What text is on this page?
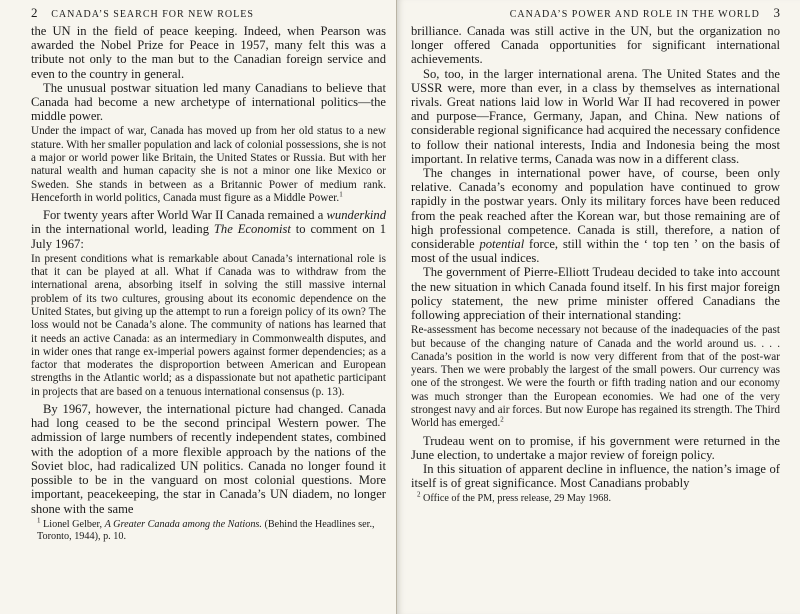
2 CANADA’S SEARCH FOR NEW ROLES

the UN in the field of peace keeping. Indeed, when Pearson was awarded the Nobel Prize for Peace in 1957, many felt this was a tribute not only to the man but to the Canadian foreign service and even to the country in general.

The unusual postwar situation led many Canadians to believe that Canada had become a new archetype of international politics—the middle power.

Under the impact of war, Canada has moved up from her old status to a new stature. With her smaller population and lack of colonial possessions, she is not a major or world power like Britain, the United States or Russia. But with her natural wealth and human capacity she is not a minor one like Mexico or Sweden. She stands in between as a Britannic Power of medium rank. Henceforth in world politics, Canada must figure as a Middle Power.$^1$

For twenty years after World War II Canada remained a wunderkind in the international world, leading The Economist to comment on 1 July 1967:

In present conditions what is remarkable about Canada’s international role is that it can be played at all. What if Canada was to withdraw from the international arena, absorbing itself in solving the still massive internal problem of its two cultures, grousing about its economic dependence on the United States, but giving up the attempt to run a foreign policy of its own? The loss would not be Canada’s alone. The community of nations has learned that it needs an active Canada: as an intermediary in Commonwealth disputes, and in wider ones that range ex-imperial powers against former dependencies; as a factor that moderates the disproportion between American and European strengths in the Atlantic world; as a dispassionate but not apathetic participant in projects that are based on a tenuous international consensus (p. 13).

By 1967, however, the international picture had changed. Canada had long ceased to be the second principal Western power. The admission of large numbers of recently independent states, combined with the adoption of a more flexible approach by the nations of the Soviet bloc, had radicalized UN politics. Canada no longer found it possible to be in the vanguard on most colonial questions. More important, peacekeeping, the star in Canada’s UN diadem, no longer shone with the same

$^1$ Lionel Gelber, A Greater Canada among the Nations. (Behind the Headlines ser., Toronto, 1944), p. 10.

CANADA’S POWER AND ROLE IN THE WORLD 3

brilliance. Canada was still active in the UN, but the organization no longer offered Canada opportunities for significant international achievements.

So, too, in the larger international arena. The United States and the USSR were, more than ever, in a class by themselves as international rivals. Great nations laid low in World War II had recovered in power and purpose—France, Germany, Japan, and China. New nations of considerable regional significance had acquired the necessary confidence to follow their national interests, India and Indonesia being the most important. In relative terms, Canada was now in a different class.

The changes in international power have, of course, been only relative. Canada’s economy and population have continued to grow rapidly in the postwar years. Only its military forces have been reduced from the peak reached after the Korean war, but those remaining are of high professional competence. Canada is still, therefore, a nation of considerable potential force, still within the ‘ top ten ’ on the basis of most of the usual indices.

The government of Pierre-Elliott Trudeau decided to take into account the new situation in which Canada found itself. In his first major foreign policy statement, the new prime minister offered Canadians the following appreciation of their international standing:

Re-assessment has become necessary not because of the inadequacies of the past but because of the changing nature of Canada and the world around us. . . . Canada’s position in the world is now very different from that of the post-war years. Then we were probably the largest of the small powers. Our currency was one of the strongest. We were the fourth or fifth trading nation and our economy was much stronger than the European economies. We had one of the very strongest navy and air forces. But now Europe has regained its strength. The Third World has emerged.$^2$

Trudeau went on to promise, if his government were returned in the June election, to undertake a major review of foreign policy.

In this situation of apparent decline in influence, the nation’s image of itself is of great significance. Most Canadians probably

$^2$ Office of the PM, press release, 29 May 1968.
